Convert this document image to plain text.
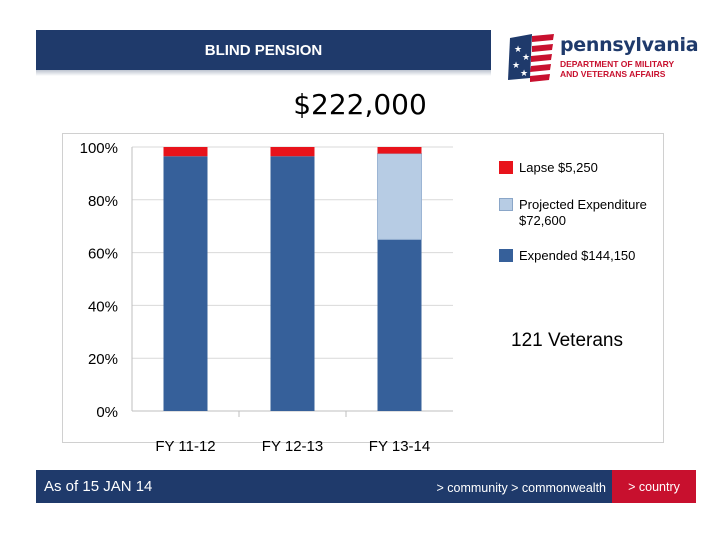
BLIND PENSION	★
★
★
★
pennsylvania
DEPARTMENT OF MILITARY AND VETERANS AFFAIRS
$222,000
0%
20%
40%
60%
80%
100%
FY 11-12	FY 12-13	FY 13-14
Lapse $5,250
Projected Expenditure $72,600
Expended $144,150
121 Veterans
As of 15 JAN 14	> community > commonwealth > country
